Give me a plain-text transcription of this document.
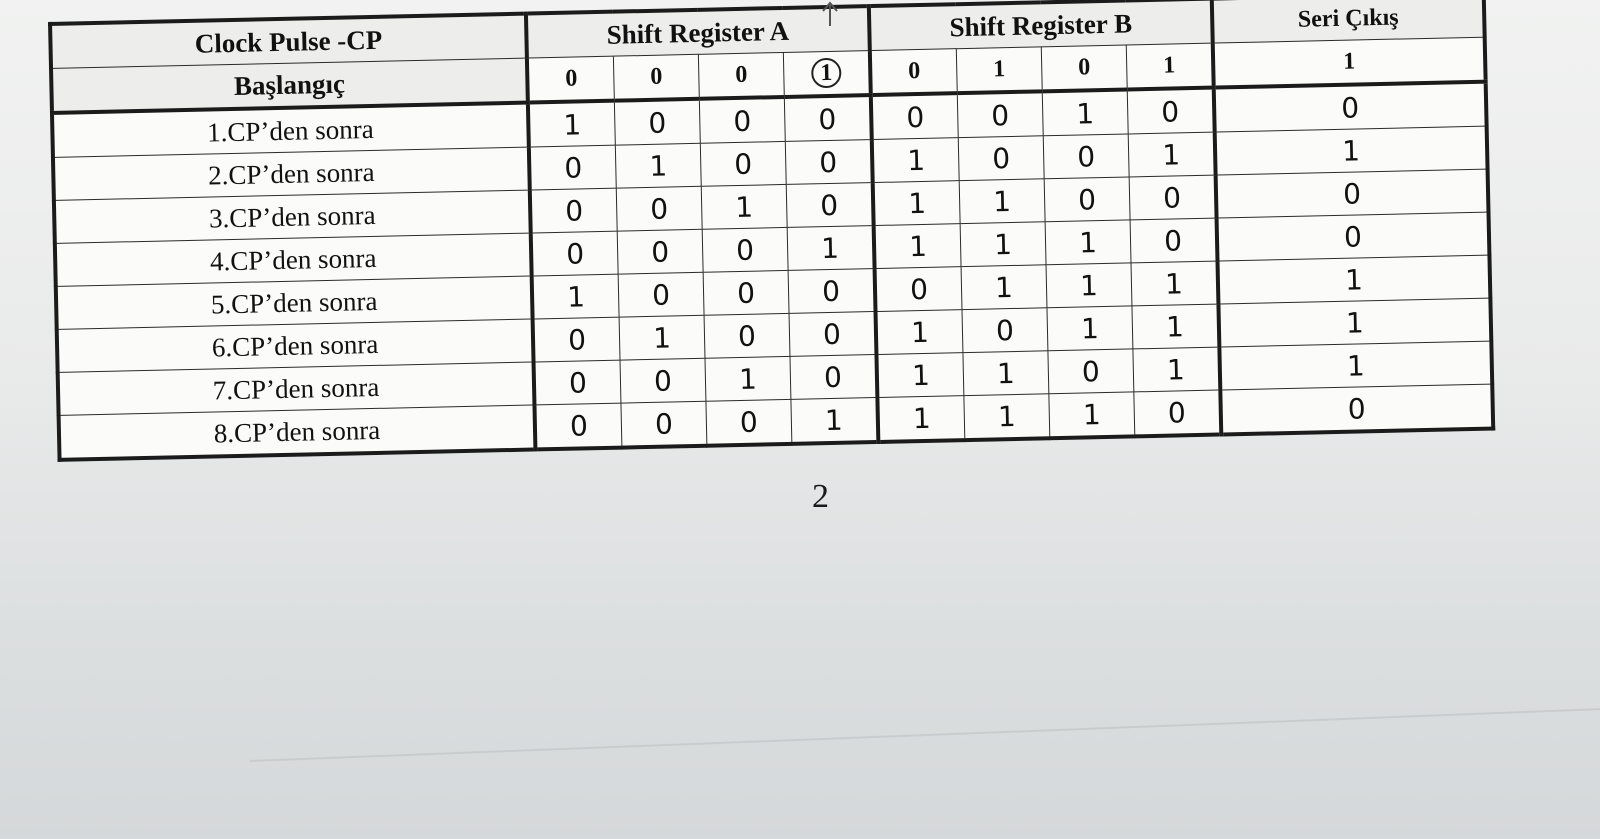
Clock Pulse -CP	Shift Register A				Shift Register B				Seri Çıkış
Başlangıç	0	0	0	1	0	1	0	1	1
1.CP’den sonra	1	0	0	0	0	0	1	0	0
2.CP’den sonra	0	1	0	0	1	0	0	1	1
3.CP’den sonra	0	0	1	0	1	1	0	0	0
4.CP’den sonra	0	0	0	1	1	1	1	0	0
5.CP’den sonra	1	0	0	0	0	1	1	1	1
6.CP’den sonra	0	1	0	0	1	0	1	1	1
7.CP’den sonra	0	0	1	0	1	1	0	1	1
8.CP’den sonra	0	0	0	1	1	1	1	0	0
2
